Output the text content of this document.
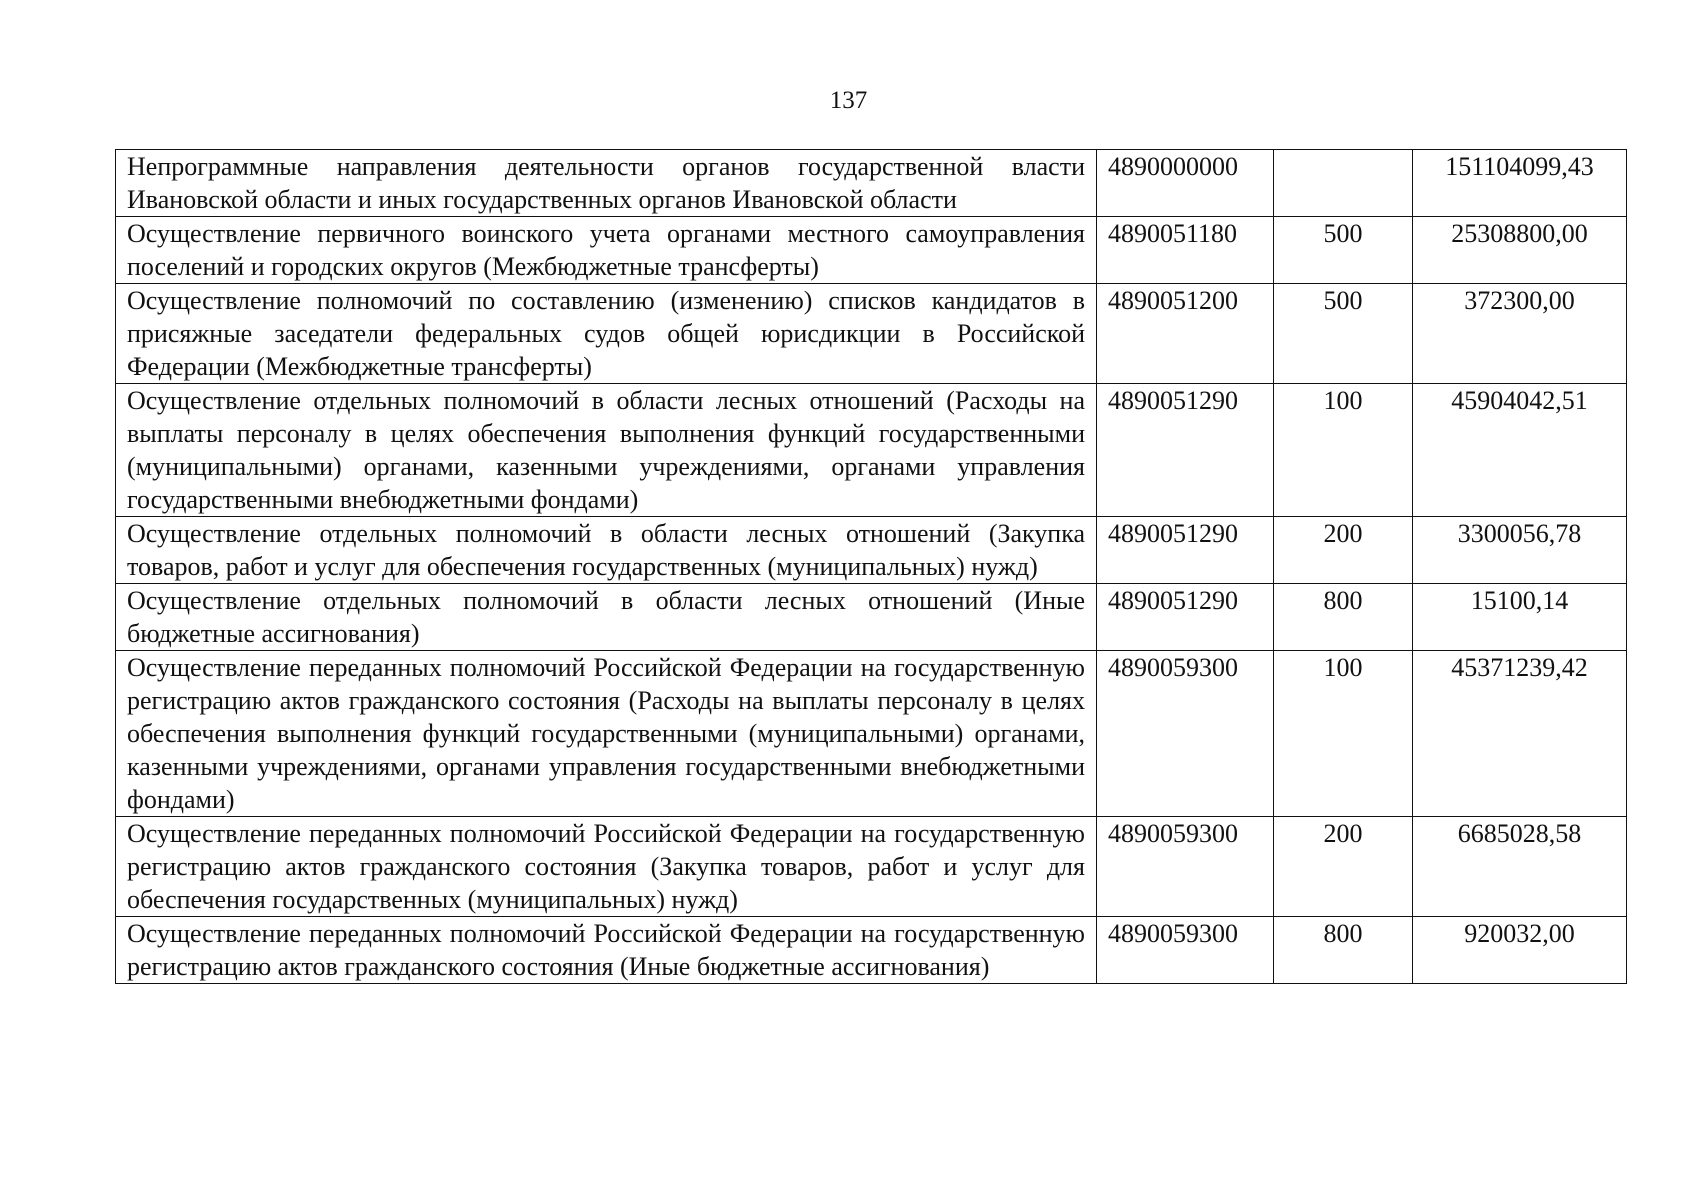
137
Непрограммные направления деятельности органов государственной власти Ивановской области и иных государственных органов Ивановской области	4890000000		151104099,43
Осуществление первичного воинского учета органами местного самоуправления поселений и городских округов (Межбюджетные трансферты)	4890051180	500	25308800,00
Осуществление полномочий по составлению (изменению) списков кандидатов в присяжные заседатели федеральных судов общей юрисдикции в Российской Федерации (Межбюджетные трансферты)	4890051200	500	372300,00
Осуществление отдельных полномочий в области лесных отношений (Расходы на выплаты персоналу в целях обеспечения выполнения функций государственными (муниципальными) органами, казенными учреждениями, органами управления государственными внебюджетными фондами)	4890051290	100	45904042,51
Осуществление отдельных полномочий в области лесных отношений (Закупка товаров, работ и услуг для обеспечения государственных (муниципальных) нужд)	4890051290	200	3300056,78
Осуществление отдельных полномочий в области лесных отношений (Иные бюджетные ассигнования)	4890051290	800	15100,14
Осуществление переданных полномочий Российской Федерации на государственную регистрацию актов гражданского состояния (Расходы на выплаты персоналу в целях обеспечения выполнения функций государственными (муниципальными) органами, казенными учреждениями, органами управления государственными внебюджетными фондами)	4890059300	100	45371239,42
Осуществление переданных полномочий Российской Федерации на государственную регистрацию актов гражданского состояния (Закупка товаров, работ и услуг для обеспечения государственных (муниципальных) нужд)	4890059300	200	6685028,58
Осуществление переданных полномочий Российской Федерации на государственную регистрацию актов гражданского состояния (Иные бюджетные ассигнования)	4890059300	800	920032,00
